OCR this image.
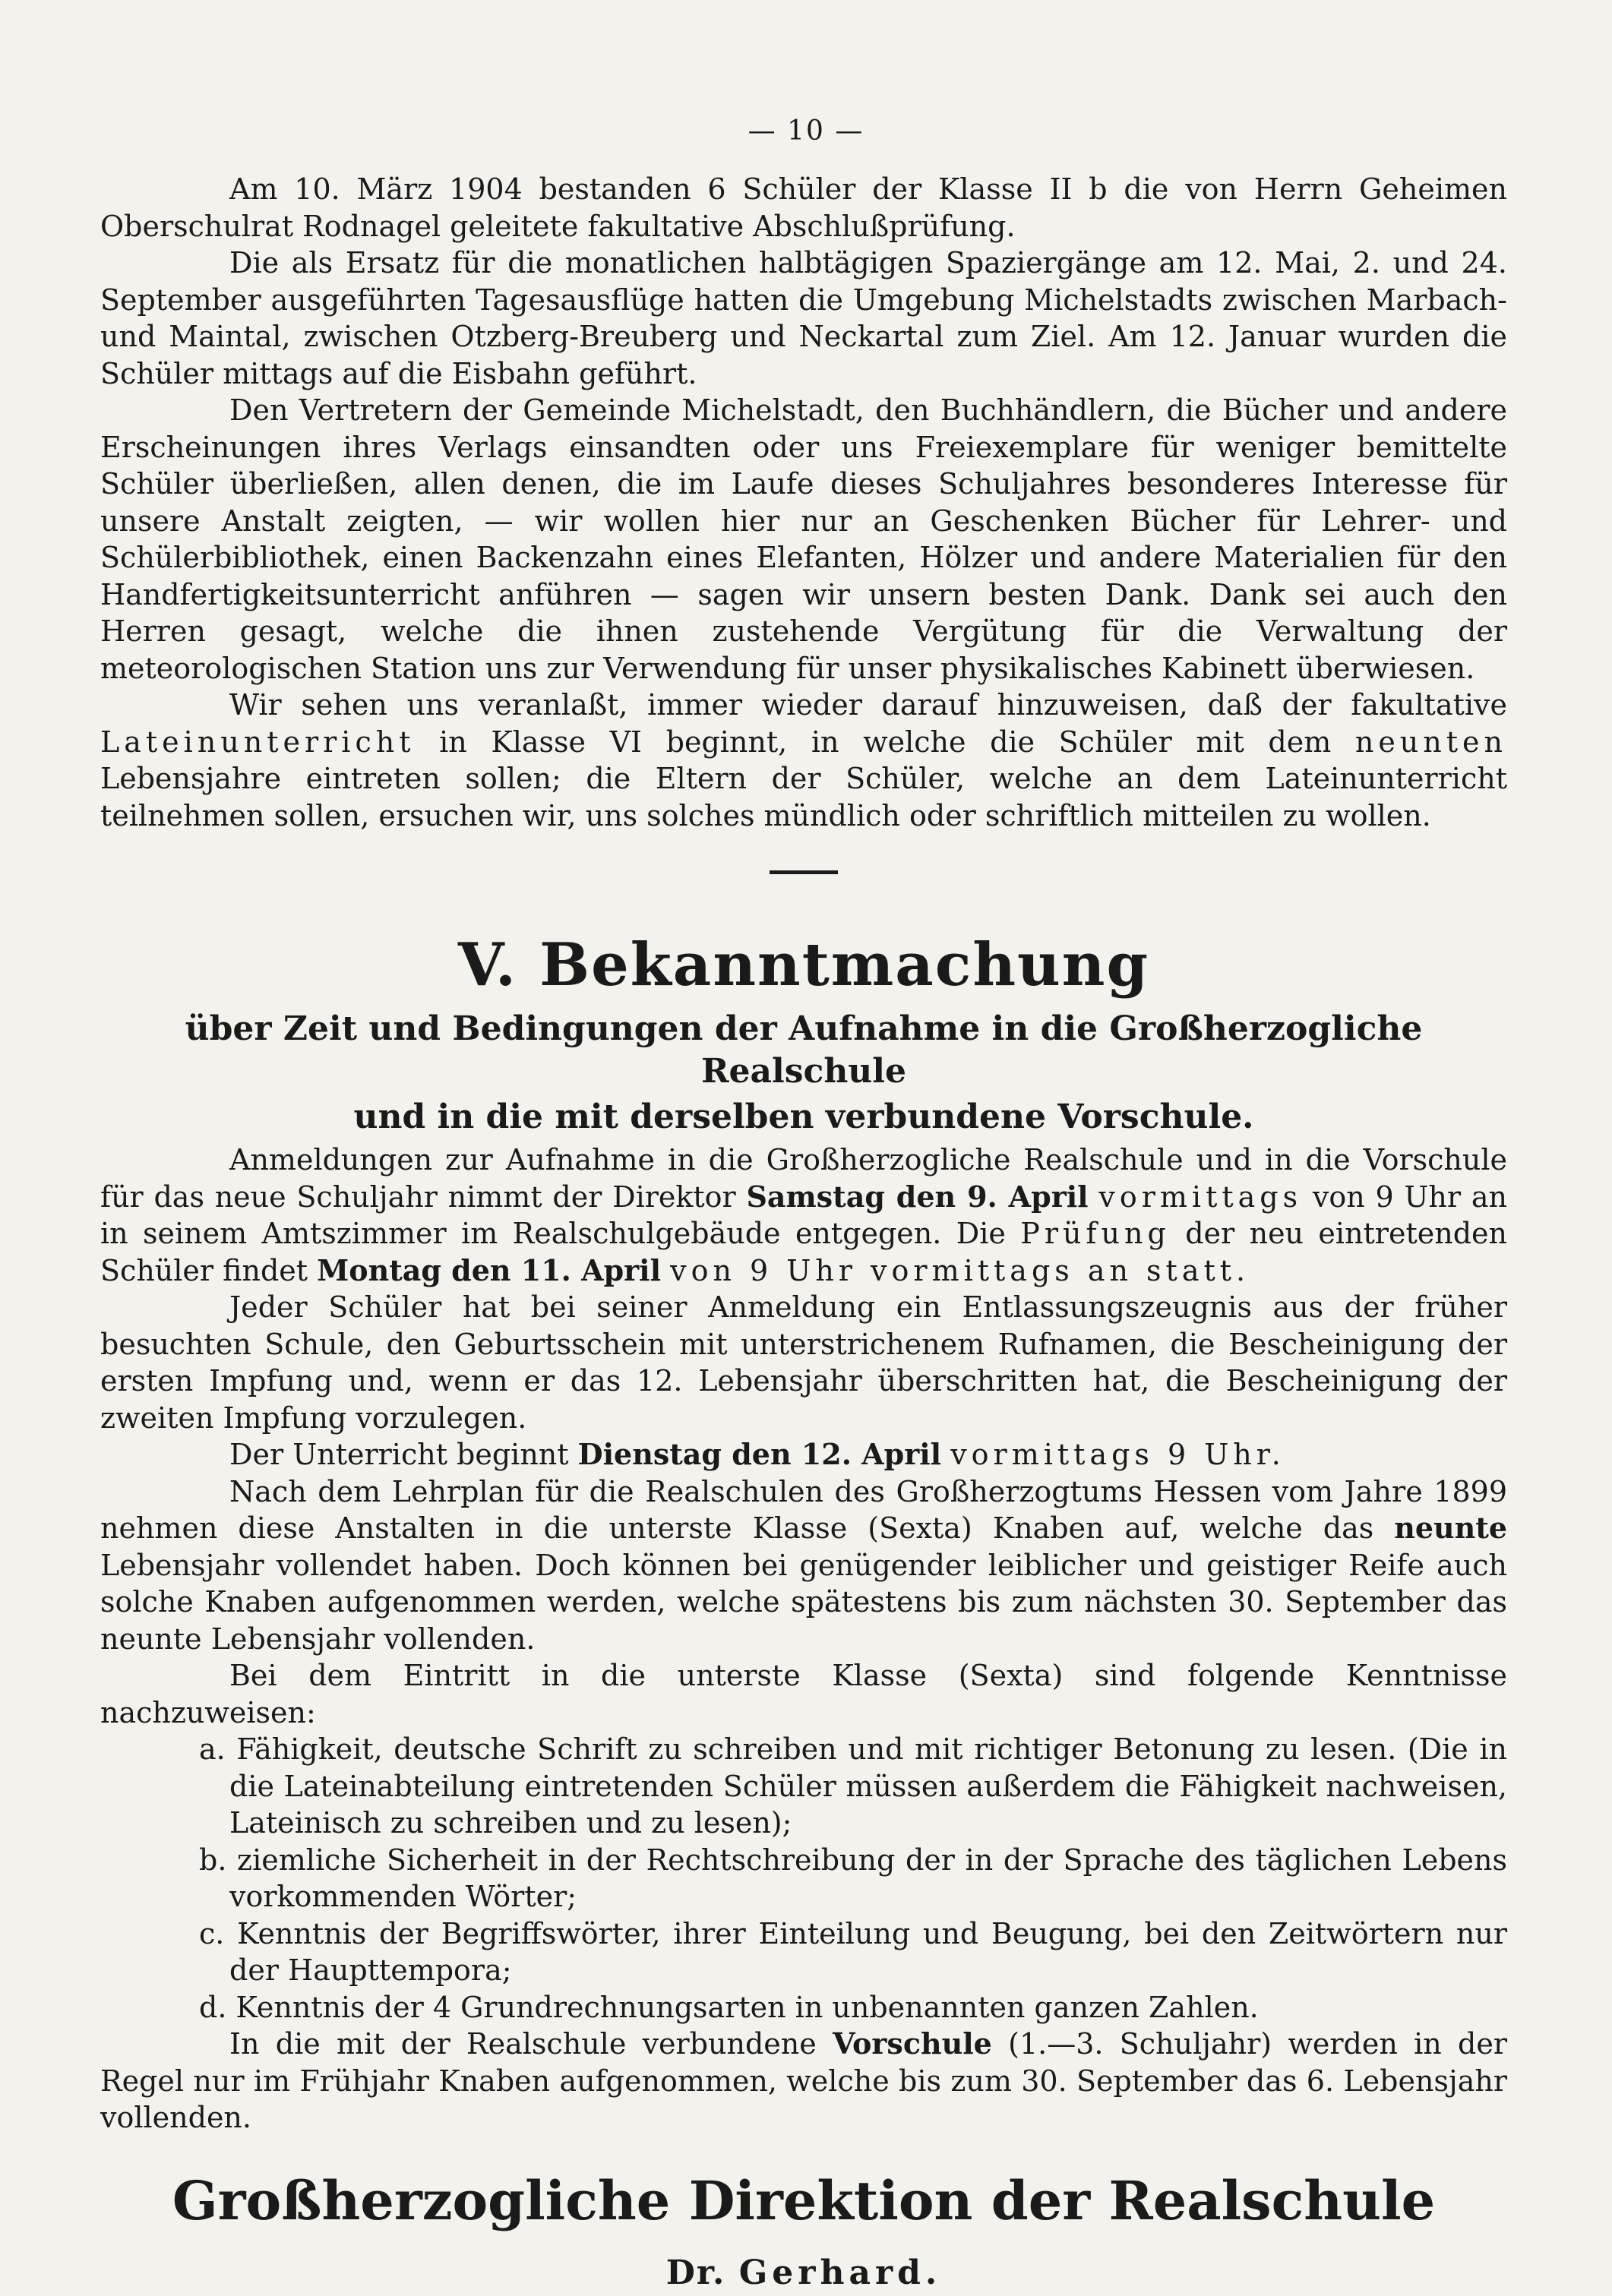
— 10 —

Am 10. März 1904 bestanden 6 Schüler der Klasse II b die von Herrn Geheimen Oberschulrat Rodnagel geleitete fakultative Abschlußprüfung.

Die als Ersatz für die monatlichen halbtägigen Spaziergänge am 12. Mai, 2. und 24. September ausgeführten Tagesausflüge hatten die Umgebung Michelstadts zwischen Marbach- und Maintal, zwischen Otzberg-Breuberg und Neckartal zum Ziel. Am 12. Januar wurden die Schüler mittags auf die Eisbahn geführt.

Den Vertretern der Gemeinde Michelstadt, den Buchhändlern, die Bücher und andere Erscheinungen ihres Verlags einsandten oder uns Freiexemplare für weniger bemittelte Schüler überließen, allen denen, die im Laufe dieses Schuljahres besonderes Interesse für unsere Anstalt zeigten, — wir wollen hier nur an Geschenken Bücher für Lehrer- und Schülerbibliothek, einen Backenzahn eines Elefanten, Hölzer und andere Materialien für den Handfertigkeitsunterricht anführen — sagen wir unsern besten Dank. Dank sei auch den Herren gesagt, welche die ihnen zustehende Vergütung für die Verwaltung der meteorologischen Station uns zur Verwendung für unser physikalisches Kabinett überwiesen.

Wir sehen uns veranlaßt, immer wieder darauf hinzuweisen, daß der fakultative Lateinunterricht in Klasse VI beginnt, in welche die Schüler mit dem neunten Lebensjahre eintreten sollen; die Eltern der Schüler, welche an dem Lateinunterricht teilnehmen sollen, ersuchen wir, uns solches mündlich oder schriftlich mitteilen zu wollen.

V. Bekanntmachung
über Zeit und Bedingungen der Aufnahme in die Großherzogliche Realschule
und in die mit derselben verbundene Vorschule.

Anmeldungen zur Aufnahme in die Großherzogliche Realschule und in die Vorschule für das neue Schuljahr nimmt der Direktor Samstag den 9. April vormittags von 9 Uhr an in seinem Amtszimmer im Realschulgebäude entgegen. Die Prüfung der neu eintretenden Schüler findet Montag den 11. April von 9 Uhr vormittags an statt.

Jeder Schüler hat bei seiner Anmeldung ein Entlassungszeugnis aus der früher besuchten Schule, den Geburtsschein mit unterstrichenem Rufnamen, die Bescheinigung der ersten Impfung und, wenn er das 12. Lebensjahr überschritten hat, die Bescheinigung der zweiten Impfung vorzulegen.

Der Unterricht beginnt Dienstag den 12. April vormittags 9 Uhr.

Nach dem Lehrplan für die Realschulen des Großherzogtums Hessen vom Jahre 1899 nehmen diese Anstalten in die unterste Klasse (Sexta) Knaben auf, welche das neunte Lebensjahr vollendet haben. Doch können bei genügender leiblicher und geistiger Reife auch solche Knaben aufgenommen werden, welche spätestens bis zum nächsten 30. September das neunte Lebensjahr vollenden.

Bei dem Eintritt in die unterste Klasse (Sexta) sind folgende Kenntnisse nachzuweisen:

a. Fähigkeit, deutsche Schrift zu schreiben und mit richtiger Betonung zu lesen. (Die in die Lateinabteilung eintretenden Schüler müssen außerdem die Fähigkeit nachweisen, Lateinisch zu schreiben und zu lesen);
b. ziemliche Sicherheit in der Rechtschreibung der in der Sprache des täglichen Lebens vorkommenden Wörter;
c. Kenntnis der Begriffswörter, ihrer Einteilung und Beugung, bei den Zeitwörtern nur der Haupttempora;
d. Kenntnis der 4 Grundrechnungsarten in unbenannten ganzen Zahlen.

In die mit der Realschule verbundene Vorschule (1.—3. Schuljahr) werden in der Regel nur im Frühjahr Knaben aufgenommen, welche bis zum 30. September das 6. Lebensjahr vollenden.

Großherzogliche Direktion der Realschule
Dr. Gerhard.
